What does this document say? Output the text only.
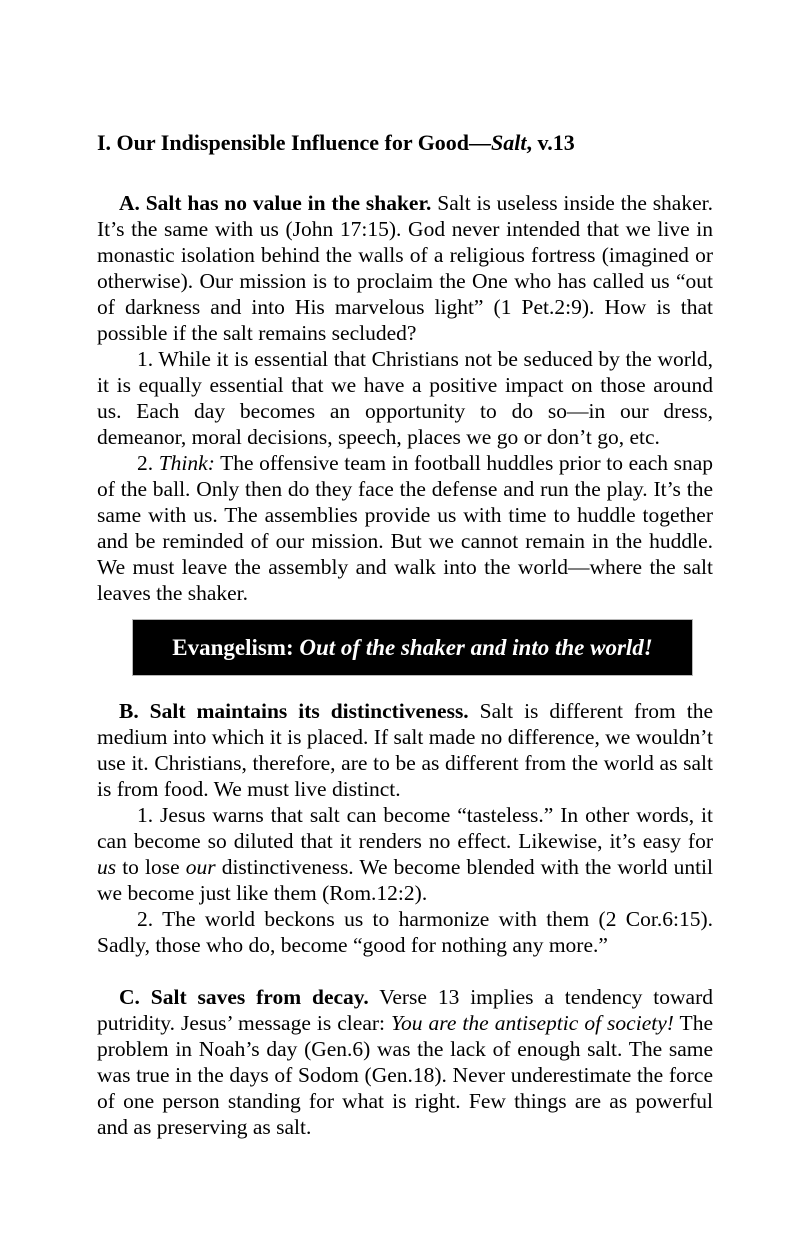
I. Our Indispensible Influence for Good—Salt, v.13

A. Salt has no value in the shaker. Salt is useless inside the shaker. It’s the same with us (John 17:15). God never intended that we live in monastic isolation behind the walls of a religious fortress (imagined or otherwise). Our mission is to proclaim the One who has called us “out of darkness and into His marvelous light” (1 Pet.2:9). How is that possible if the salt remains secluded?

1. While it is essential that Christians not be seduced by the world, it is equally essential that we have a positive impact on those around us. Each day becomes an opportunity to do so—in our dress, demeanor, moral decisions, speech, places we go or don’t go, etc.

2. Think: The offensive team in football huddles prior to each snap of the ball. Only then do they face the defense and run the play. It’s the same with us. The assemblies provide us with time to huddle together and be reminded of our mission. But we cannot remain in the huddle. We must leave the assembly and walk into the world—where the salt leaves the shaker.

Evangelism: Out of the shaker and into the world!

B. Salt maintains its distinctiveness. Salt is different from the medium into which it is placed. If salt made no difference, we wouldn’t use it. Christians, therefore, are to be as different from the world as salt is from food. We must live distinct.

1. Jesus warns that salt can become “tasteless.” In other words, it can become so diluted that it renders no effect. Likewise, it’s easy for us to lose our distinctiveness. We become blended with the world until we become just like them (Rom.12:2).

2. The world beckons us to harmonize with them (2 Cor.6:15). Sadly, those who do, become “good for nothing any more.”

C. Salt saves from decay. Verse 13 implies a tendency toward putridity. Jesus’ message is clear: You are the antiseptic of society! The problem in Noah’s day (Gen.6) was the lack of enough salt. The same was true in the days of Sodom (Gen.18). Never underestimate the force of one person standing for what is right. Few things are as powerful and as preserving as salt.
